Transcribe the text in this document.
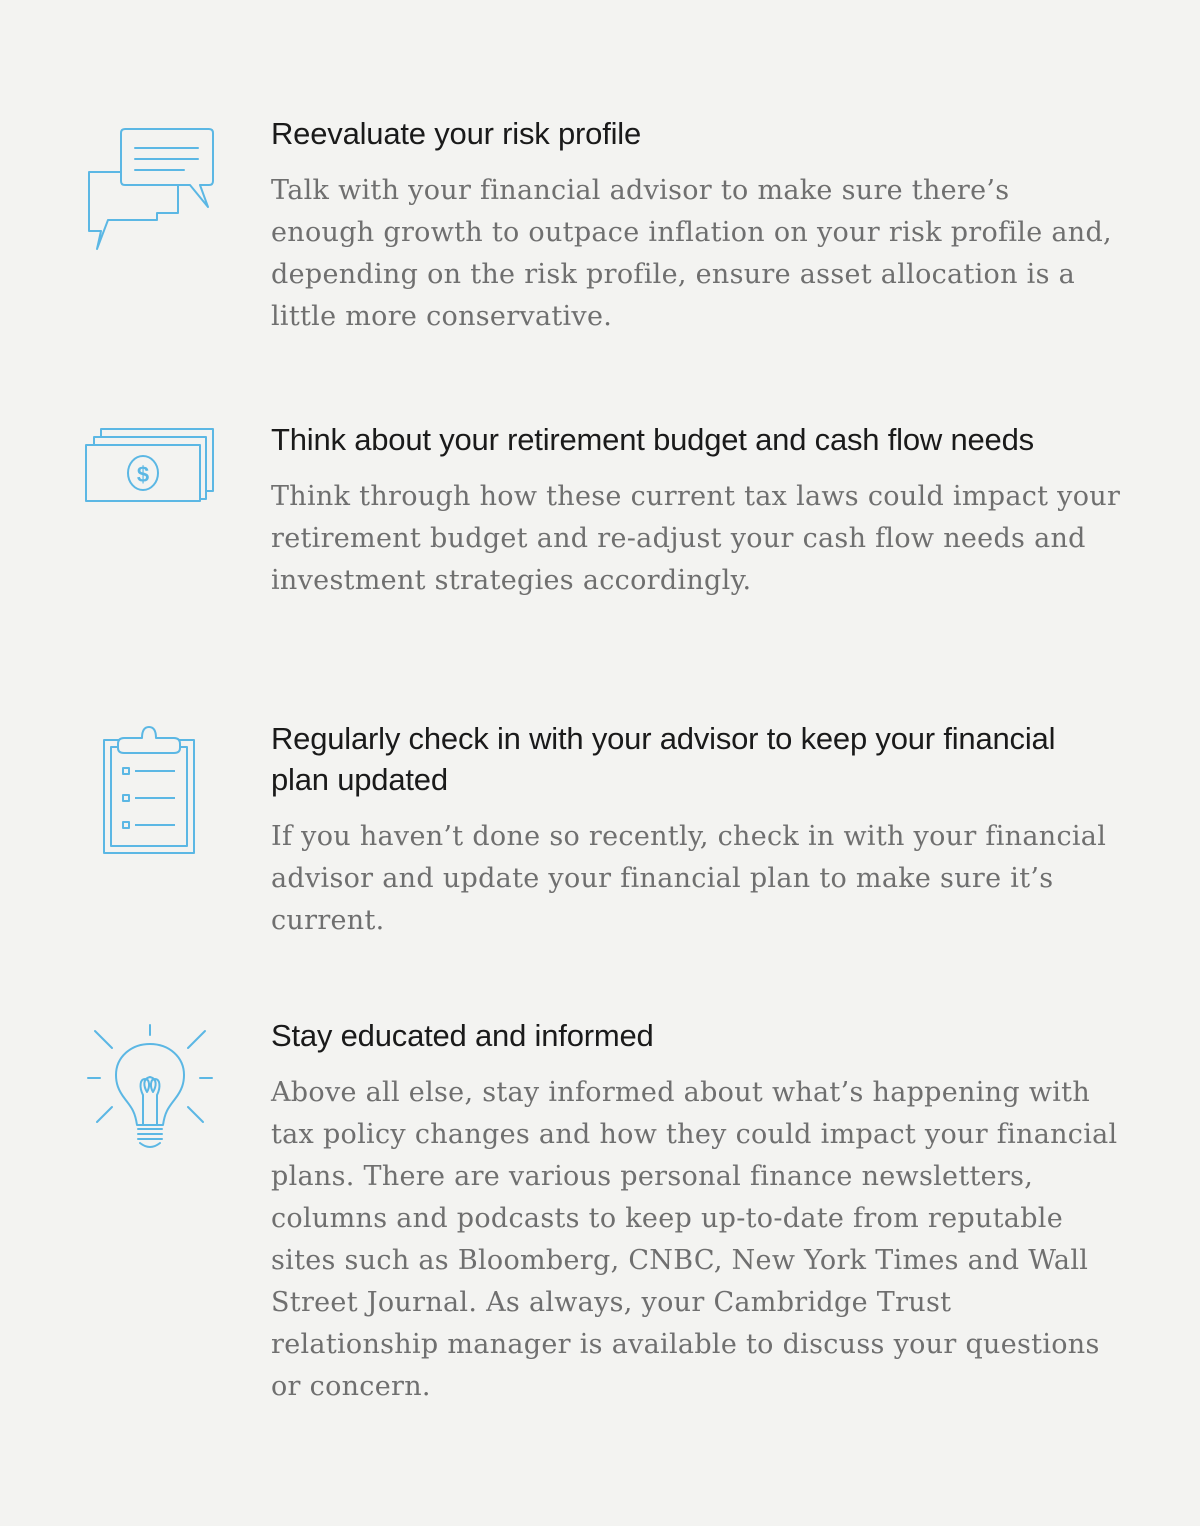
Reevaluate your risk profile

Talk with your financial advisor to make sure there’s enough growth to outpace inflation on your risk profile and, depending on the risk profile, ensure asset allocation is a little more conservative.

$
Think about your retirement budget and cash flow needs

Think through how these current tax laws could impact your retirement budget and re-adjust your cash flow needs and investment strategies accordingly.

Regularly check in with your advisor to keep your financial plan updated

If you haven’t done so recently, check in with your financial advisor and update your financial plan to make sure it’s current.

Stay educated and informed

Above all else, stay informed about what’s happening with tax policy changes and how they could impact your financial plans. There are various personal finance newsletters, columns and podcasts to keep up-to-date from reputable sites such as Bloomberg, CNBC, New York Times and Wall Street Journal. As always, your Cambridge Trust relationship manager is available to discuss your questions or concern.
